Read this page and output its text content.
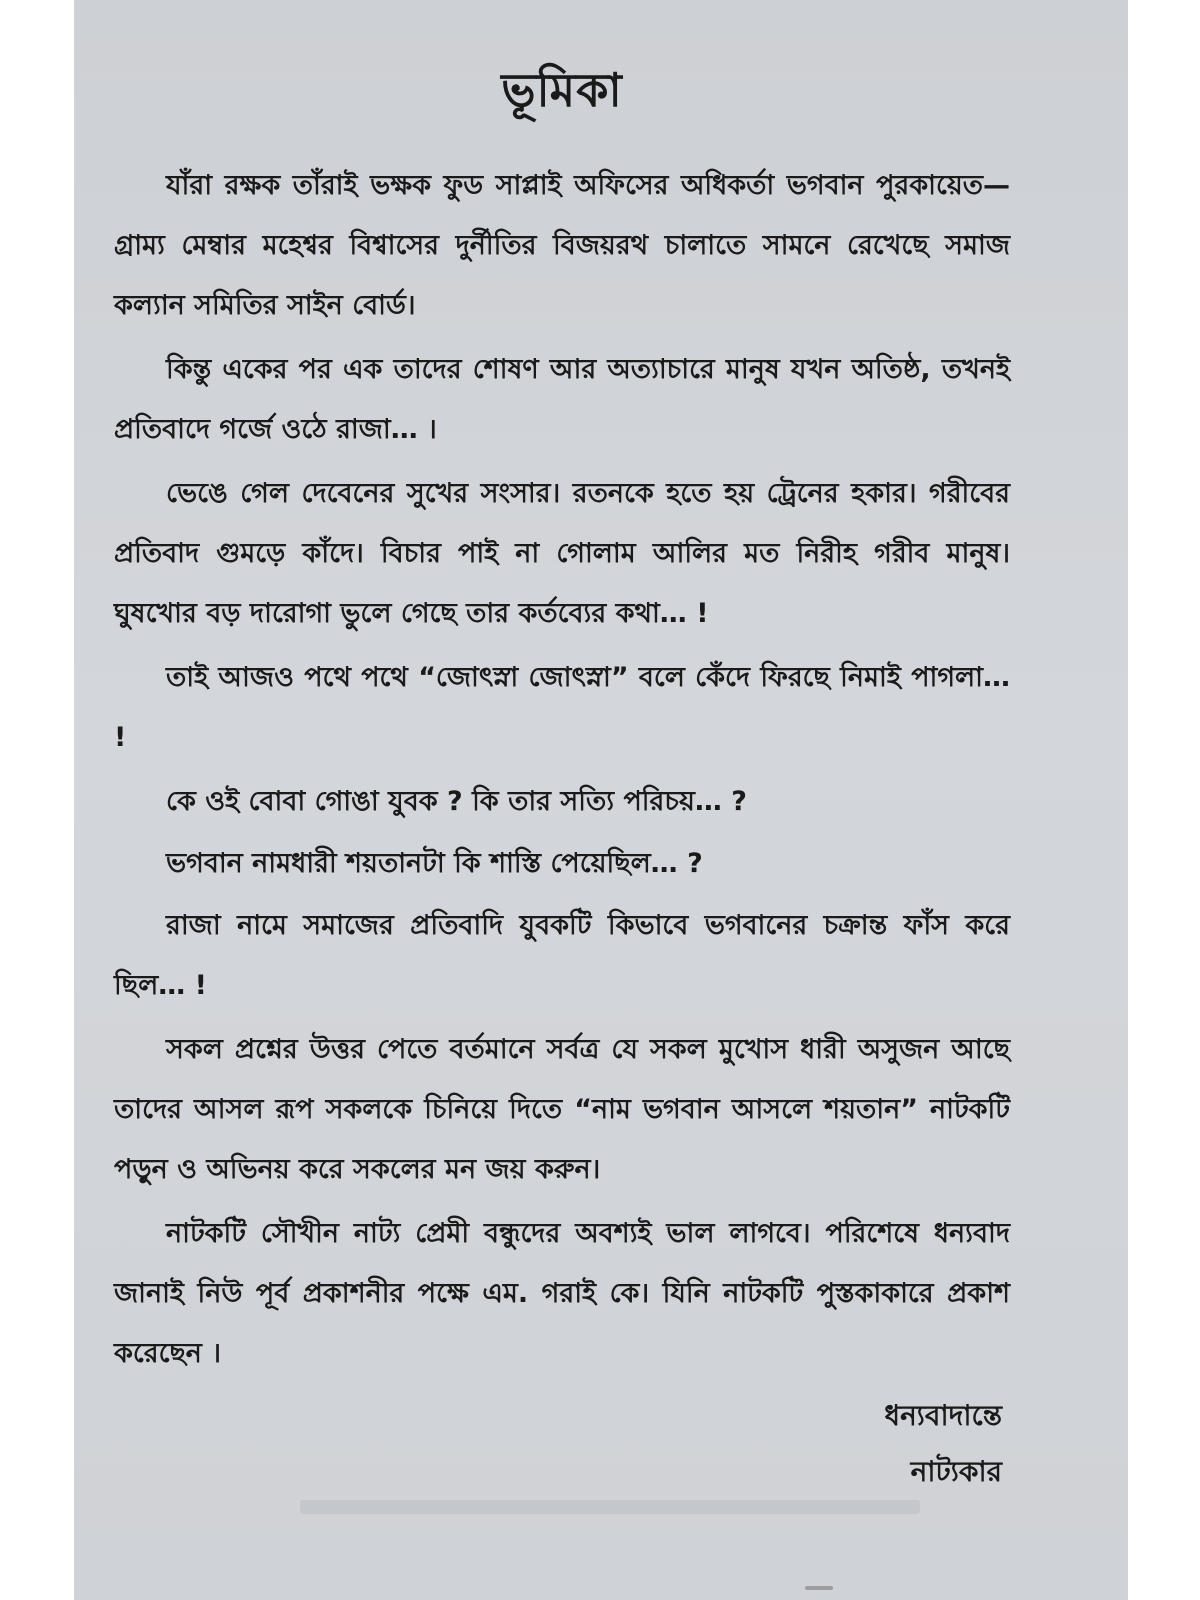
ভূমিকা

যাঁরা রক্ষক তাঁরাই ভক্ষক ফুড সাপ্লাই অফিসের অধিকর্তা ভগবান পুরকায়েত—গ্রাম্য মেম্বার মহেশ্বর বিশ্বাসের দুর্নীতির বিজয়রথ চালাতে সামনে রেখেছে সমাজ কল্যান সমিতির সাইন বোর্ড।

কিন্তু একের পর এক তাদের শোষণ আর অত্যাচারে মানুষ যখন অতিষ্ঠ, তখনই প্রতিবাদে গর্জে ওঠে রাজা… ।

ভেঙে গেল দেবেনের সুখের সংসার। রতনকে হতে হয় ট্রেনের হকার। গরীবের প্রতিবাদ গুমড়ে কাঁদে। বিচার পাই না গোলাম আলির মত নিরীহ গরীব মানুষ। ঘুষখোর বড় দারোগা ভুলে গেছে তার কর্তব্যের কথা… !

তাই আজও পথে পথে “জোৎস্না জোৎস্না” বলে কেঁদে ফিরছে নিমাই পাগলা… !

কে ওই বোবা গোঙা যুবক ? কি তার সত্যি পরিচয়… ?

ভগবান নামধারী শয়তানটা কি শাস্তি পেয়েছিল… ?

রাজা নামে সমাজের প্রতিবাদি যুবকটি কিভাবে ভগবানের চক্রান্ত ফাঁস করে ছিল… !

সকল প্রশ্নের উত্তর পেতে বর্তমানে সর্বত্র যে সকল মুখোস ধারী অসুজন আছে তাদের আসল রূপ সকলকে চিনিয়ে দিতে “নাম ভগবান আসলে শয়তান” নাটকটি পড়ুন ও অভিনয় করে সকলের মন জয় করুন।

নাটকটি সৌখীন নাট্য প্রেমী বন্ধুদের অবশ্যই ভাল লাগবে। পরিশেষে ধন্যবাদ জানাই নিউ পূর্ব প্রকাশনীর পক্ষে এম. গরাই কে। যিনি নাটকটি পুস্তকাকারে প্রকাশ করেছেন ।

ধন্যবাদান্তে
নাট্যকার
